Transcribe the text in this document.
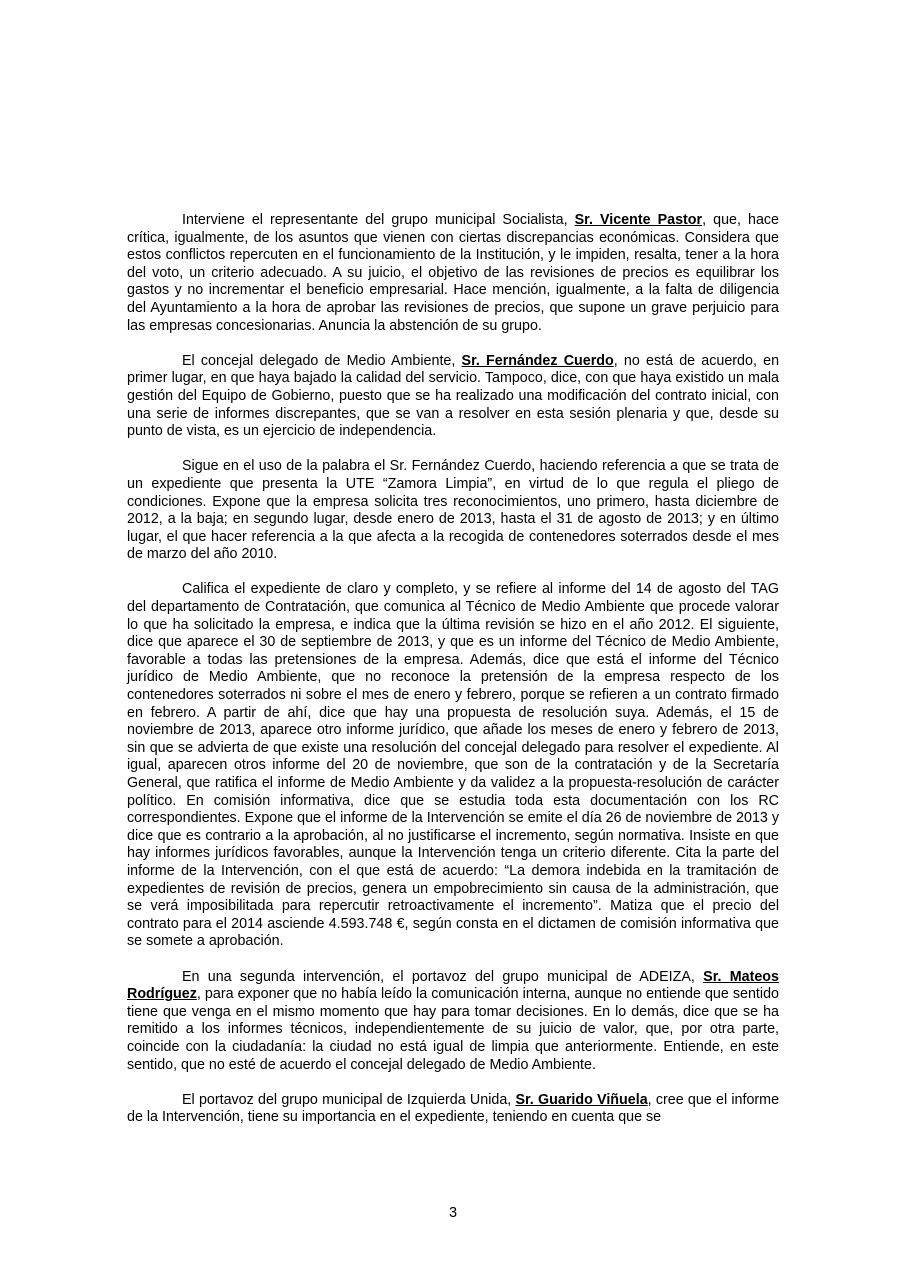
Interviene el representante del grupo municipal Socialista, Sr. Vicente Pastor, que, hace crítica, igualmente, de los asuntos que vienen con ciertas discrepancias económicas. Considera que estos conflictos repercuten en el funcionamiento de la Institución, y le impiden, resalta, tener a la hora del voto, un criterio adecuado. A su juicio, el objetivo de las revisiones de precios es equilibrar los gastos y no incrementar el beneficio empresarial. Hace mención, igualmente, a la falta de diligencia del Ayuntamiento a la hora de aprobar las revisiones de precios, que supone un grave perjuicio para las empresas concesionarias. Anuncia la abstención de su grupo.

El concejal delegado de Medio Ambiente, Sr. Fernández Cuerdo, no está de acuerdo, en primer lugar, en que haya bajado la calidad del servicio. Tampoco, dice, con que haya existido un mala gestión del Equipo de Gobierno, puesto que se ha realizado una modificación del contrato inicial, con una serie de informes discrepantes, que se van a resolver en esta sesión plenaria y que, desde su punto de vista, es un ejercicio de independencia.

Sigue en el uso de la palabra el Sr. Fernández Cuerdo, haciendo referencia a que se trata de un expediente que presenta la UTE “Zamora Limpia”, en virtud de lo que regula el pliego de condiciones. Expone que la empresa solicita tres reconocimientos, uno primero, hasta diciembre de 2012, a la baja; en segundo lugar, desde enero de 2013, hasta el 31 de agosto de 2013; y en último lugar, el que hacer referencia a la que afecta a la recogida de contenedores soterrados desde el mes de marzo del año 2010.

Califica el expediente de claro y completo, y se refiere al informe del 14 de agosto del TAG del departamento de Contratación, que comunica al Técnico de Medio Ambiente que procede valorar lo que ha solicitado la empresa, e indica que la última revisión se hizo en el año 2012. El siguiente, dice que aparece el 30 de septiembre de 2013, y que es un informe del Técnico de Medio Ambiente, favorable a todas las pretensiones de la empresa. Además, dice que está el informe del Técnico jurídico de Medio Ambiente, que no reconoce la pretensión de la empresa respecto de los contenedores soterrados ni sobre el mes de enero y febrero, porque se refieren a un contrato firmado en febrero. A partir de ahí, dice que hay una propuesta de resolución suya. Además, el 15 de noviembre de 2013, aparece otro informe jurídico, que añade los meses de enero y febrero de 2013, sin que se advierta de que existe una resolución del concejal delegado para resolver el expediente. Al igual, aparecen otros informe del 20 de noviembre, que son de la contratación y de la Secretaría General, que ratifica el informe de Medio Ambiente y da validez a la propuesta-resolución de carácter político. En comisión informativa, dice que se estudia toda esta documentación con los RC correspondientes. Expone que el informe de la Intervención se emite el día 26 de noviembre de 2013 y dice que es contrario a la aprobación, al no justificarse el incremento, según normativa. Insiste en que hay informes jurídicos favorables, aunque la Intervención tenga un criterio diferente. Cita la parte del informe de la Intervención, con el que está de acuerdo: “La demora indebida en la tramitación de expedientes de revisión de precios, genera un empobrecimiento sin causa de la administración, que se verá imposibilitada para repercutir retroactivamente el incremento”. Matiza que el precio del contrato para el 2014 asciende 4.593.748 €, según consta en el dictamen de comisión informativa que se somete a aprobación.

En una segunda intervención, el portavoz del grupo municipal de ADEIZA, Sr. Mateos Rodríguez, para exponer que no había leído la comunicación interna, aunque no entiende que sentido tiene que venga en el mismo momento que hay para tomar decisiones. En lo demás, dice que se ha remitido a los informes técnicos, independientemente de su juicio de valor, que, por otra parte, coincide con la ciudadanía: la ciudad no está igual de limpia que anteriormente. Entiende, en este sentido, que no esté de acuerdo el concejal delegado de Medio Ambiente.

El portavoz del grupo municipal de Izquierda Unida, Sr. Guarido Viñuela, cree que el informe de la Intervención, tiene su importancia en el expediente, teniendo en cuenta que se

3
